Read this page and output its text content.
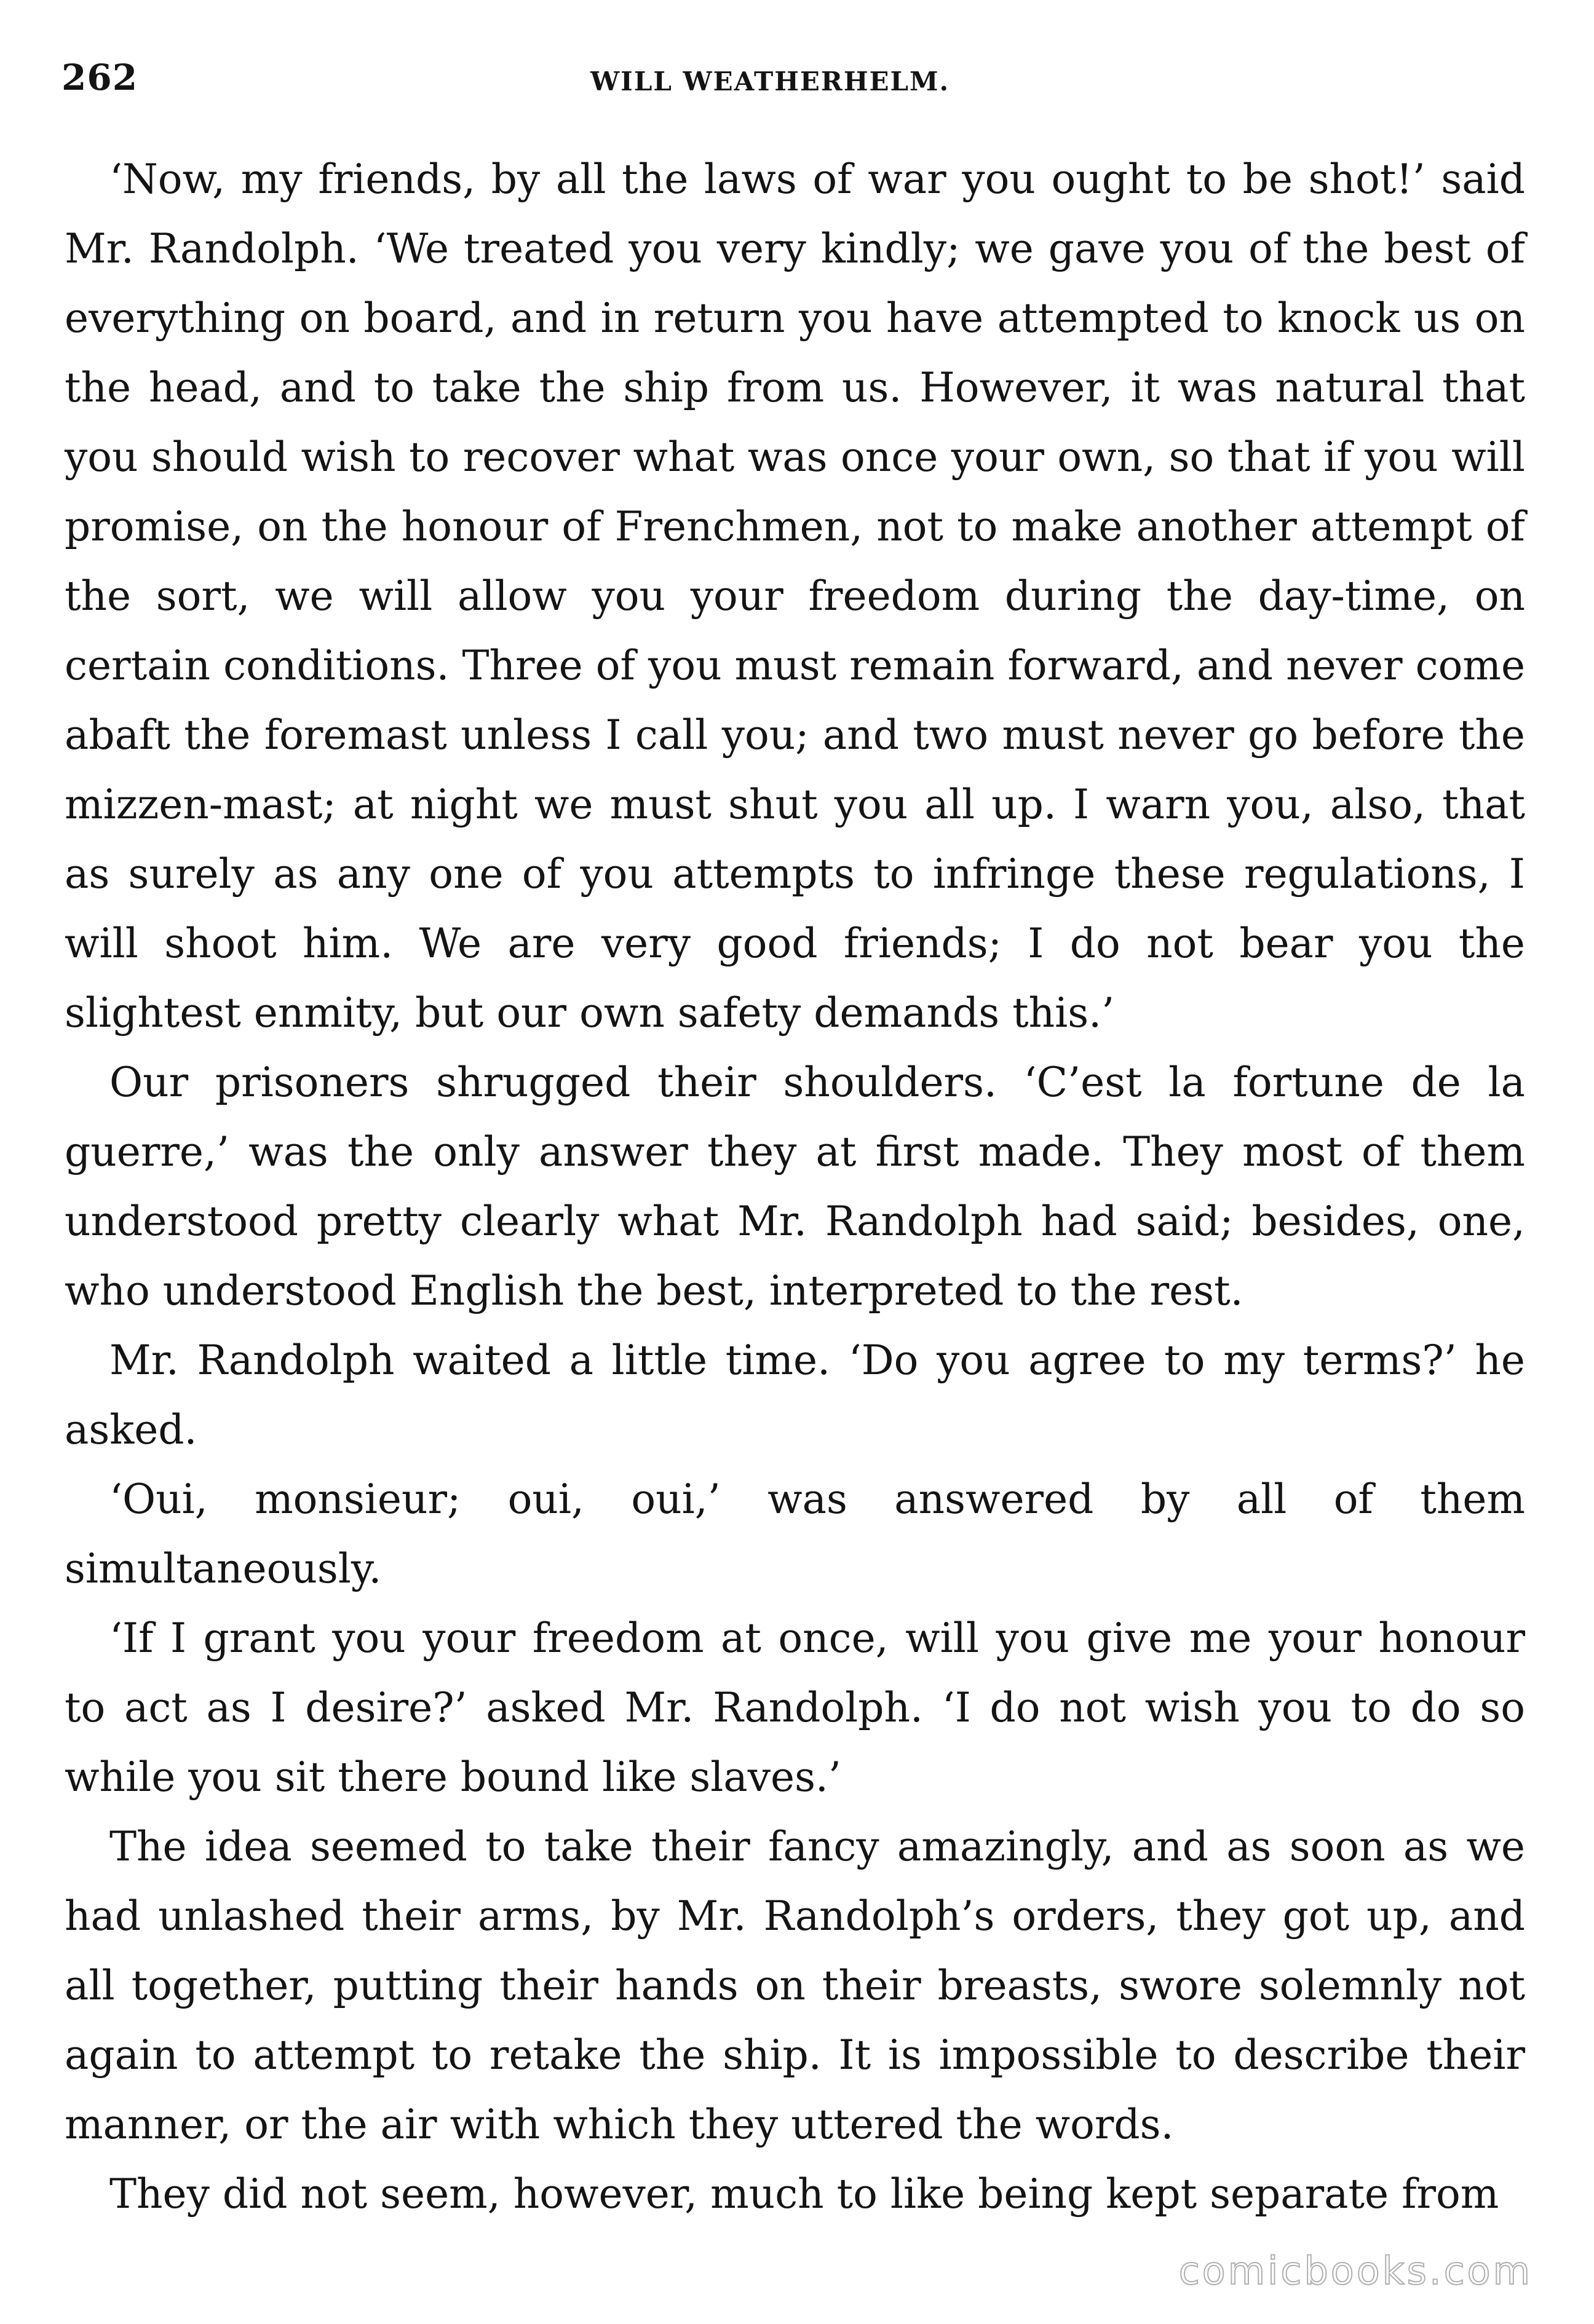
262	WILL WEATHERHELM.

‘Now, my friends, by all the laws of war you ought to be shot!’ said Mr. Randolph. ‘We treated you very kindly; we gave you of the best of everything on board, and in return you have attempted to knock us on the head, and to take the ship from us. However, it was natural that you should wish to recover what was once your own, so that if you will promise, on the honour of Frenchmen, not to make another attempt of the sort, we will allow you your freedom during the day-time, on certain conditions. Three of you must remain forward, and never come abaft the foremast unless I call you; and two must never go before the mizzen-mast; at night we must shut you all up. I warn you, also, that as surely as any one of you attempts to infringe these regulations, I will shoot him. We are very good friends; I do not bear you the slightest enmity, but our own safety demands this.’

Our prisoners shrugged their shoulders. ‘C’est la fortune de la guerre,’ was the only answer they at first made. They most of them understood pretty clearly what Mr. Randolph had said; besides, one, who understood English the best, interpreted to the rest.

Mr. Randolph waited a little time. ‘Do you agree to my terms?’ he asked.

‘Oui, monsieur; oui, oui,’ was answered by all of them simultaneously.

‘If I grant you your freedom at once, will you give me your honour to act as I desire?’ asked Mr. Randolph. ‘I do not wish you to do so while you sit there bound like slaves.’

The idea seemed to take their fancy amazingly, and as soon as we had unlashed their arms, by Mr. Randolph’s orders, they got up, and all together, putting their hands on their breasts, swore solemnly not again to attempt to retake the ship. It is impossible to describe their manner, or the air with which they uttered the words.

They did not seem, however, much to like being kept separate from

comicbooks.com
